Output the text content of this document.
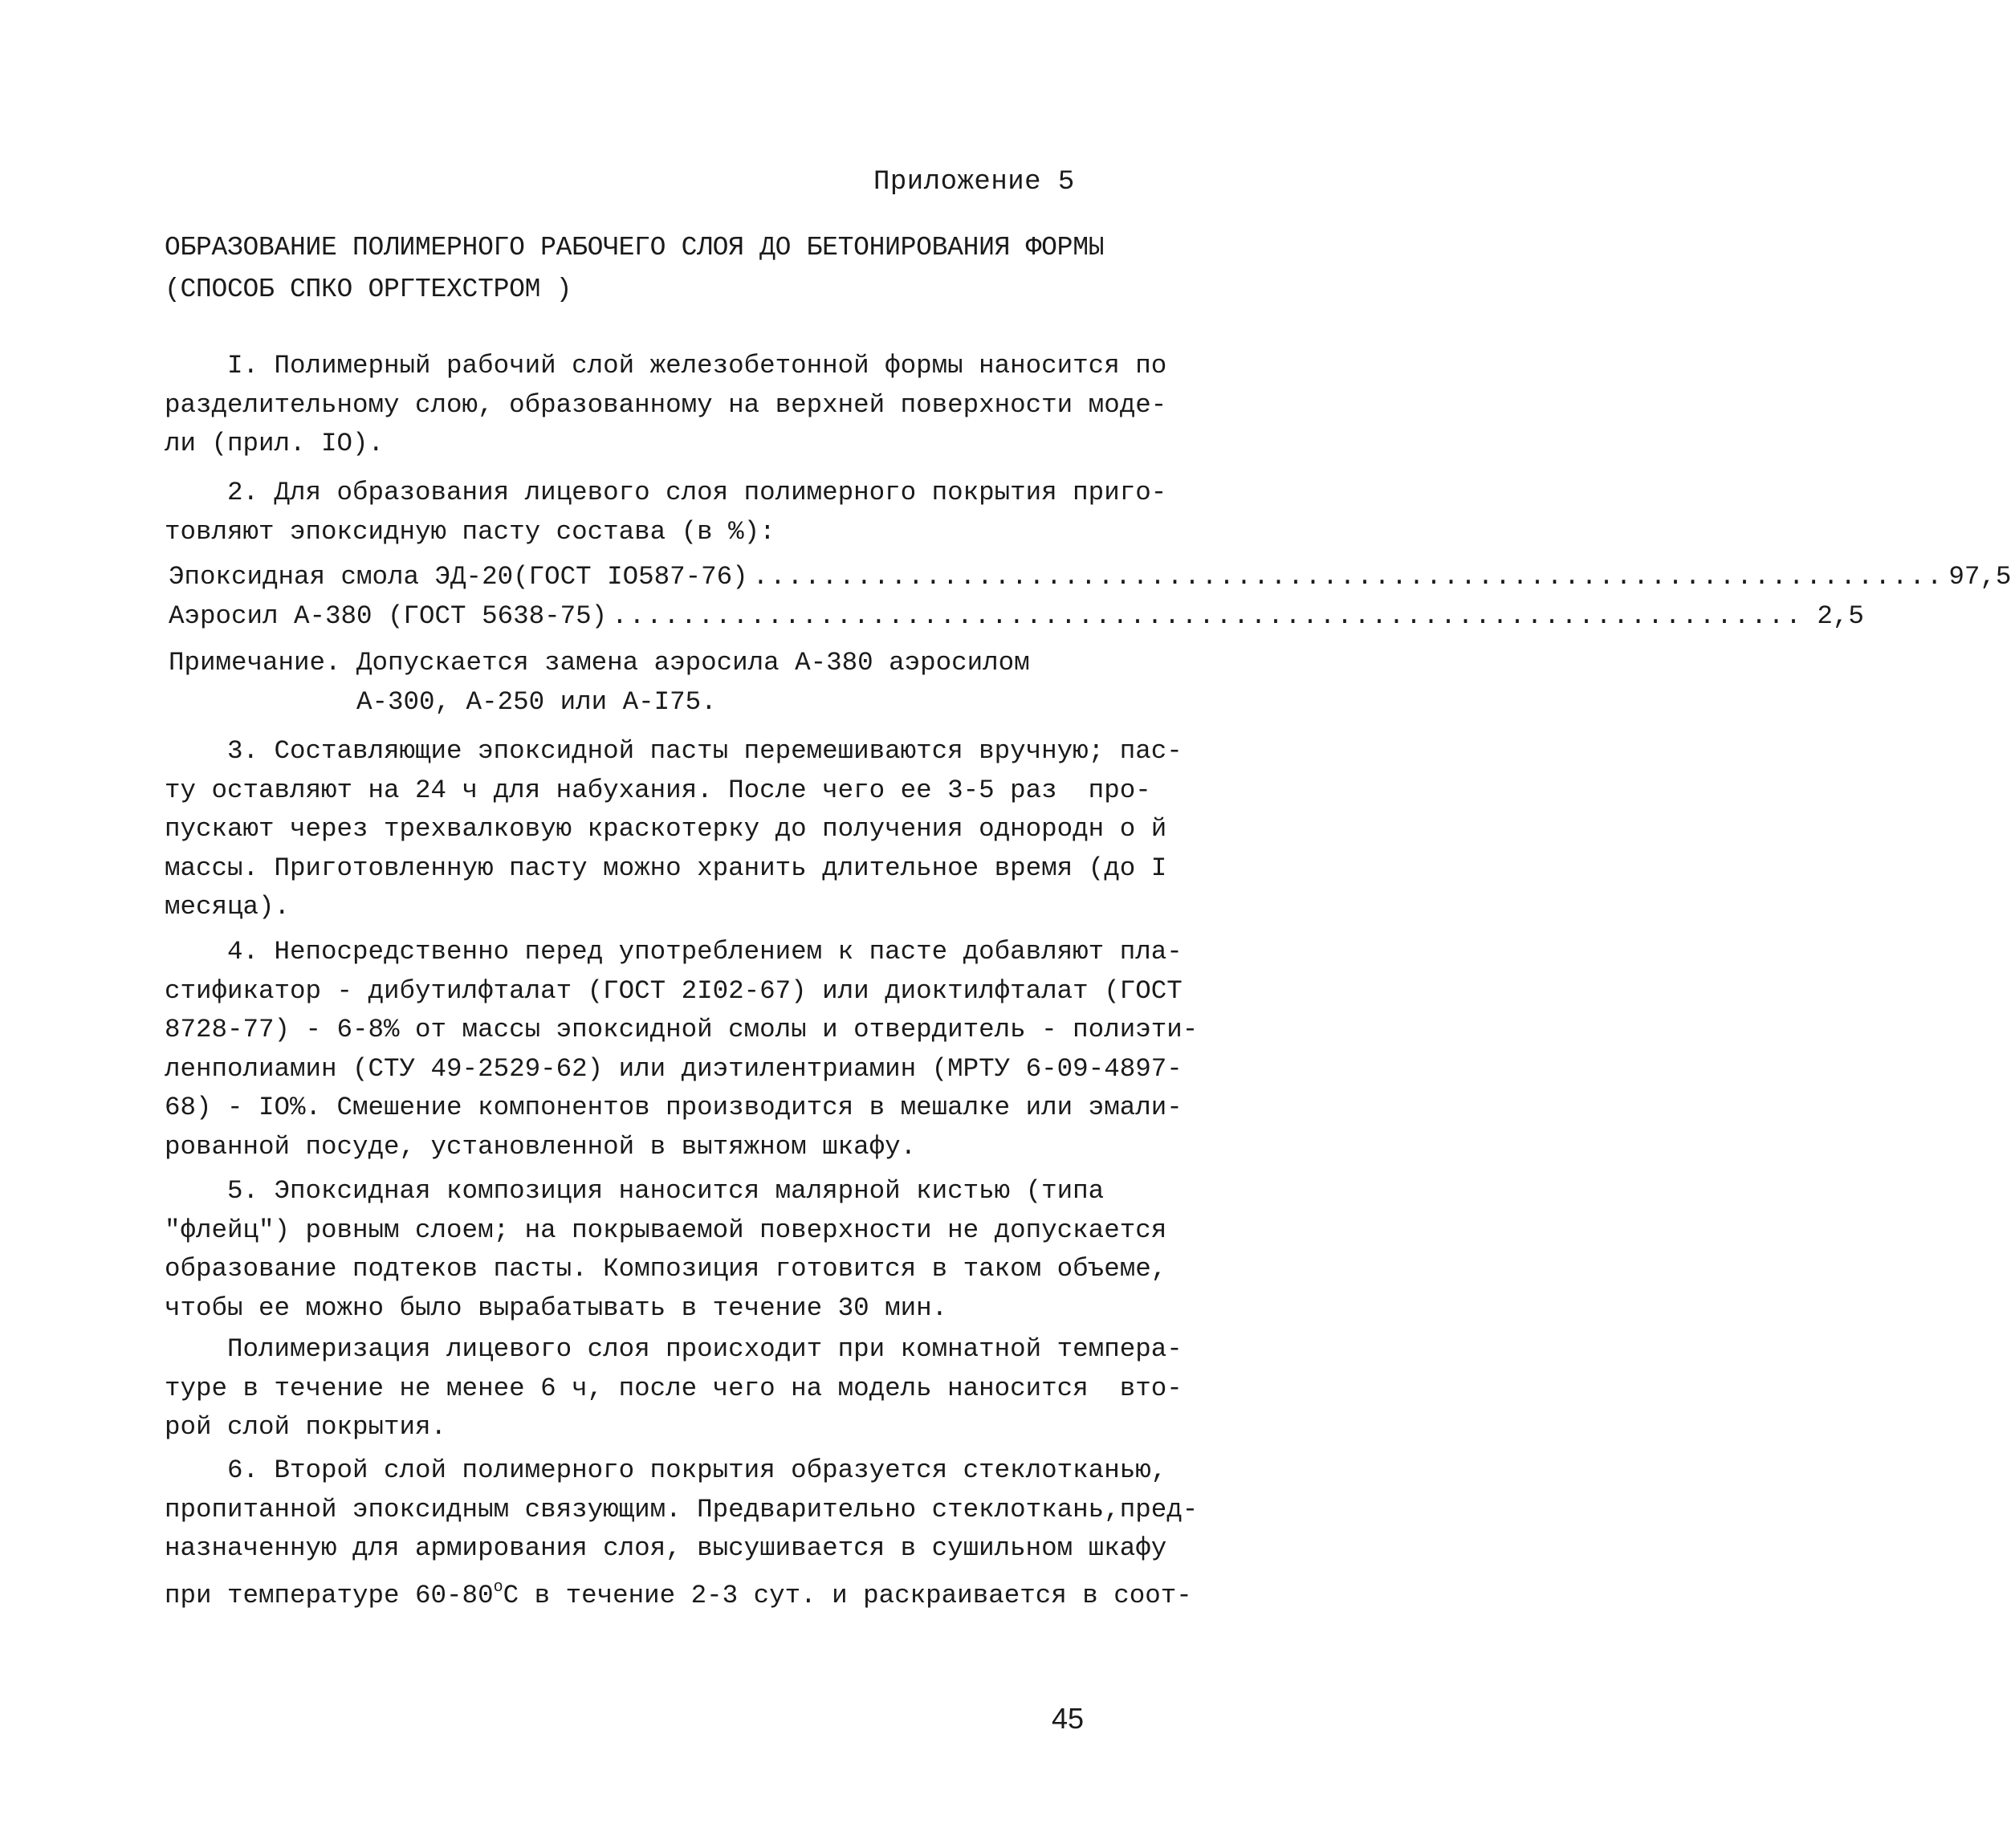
Приложение 5
ОБРАЗОВАНИЕ ПОЛИМЕРНОГО РАБОЧЕГО СЛОЯ ДО БЕТОНИРОВАНИЯ ФОРМЫ
(СПОСОБ СПКО ОРГТЕХСТРОМ )
I. Полимерный рабочий слой железобетонной формы наносится по
разделительному слою, образованному на верхней поверхности моде-
ли (прил. IO).
2. Для образования лицевого слоя полимерного покрытия приго-
товляют эпоксидную пасту состава (в %):
Эпоксидная смола ЭД-20(ГОСТ IO587-76) ..................................................................... 97,5
Аэросил А-380 (ГОСТ 5638-75) ..................................................................... 2,5
Примечание. Допускается замена аэросила А-380 аэросилом
А-300, А-250 или А-I75.
3. Составляющие эпоксидной пасты перемешиваются вручную; пас-
ту оставляют на 24 ч для набухания. После чего ее 3-5 раз  про-
пускают через трехвалковую краскотерку до получения однородн о й
массы. Приготовленную пасту можно хранить длительное время (до I
месяца).
4. Непосредственно перед употреблением к пасте добавляют пла-
стификатор - дибутилфталат (ГОСТ 2I02-67) или диоктилфталат (ГОСТ
8728-77) - 6-8% от массы эпоксидной смолы и отвердитель - полиэти-
ленполиамин (СТУ 49-2529-62) или диэтилентриамин (МРТУ 6-09-4897-
68) - IO%. Смешение компонентов производится в мешалке или эмали-
рованной посуде, установленной в вытяжном шкафу.
5. Эпоксидная композиция наносится малярной кистью (типа
"флейц") ровным слоем; на покрываемой поверхности не допускается
образование подтеков пасты. Композиция готовится в таком объеме,
чтобы ее можно было вырабатывать в течение 30 мин.
Полимеризация лицевого слоя происходит при комнатной темпера-
туре в течение не менее 6 ч, после чего на модель наносится  вто-
рой слой покрытия.
6. Второй слой полимерного покрытия образуется стеклотканью,
пропитанной эпоксидным связующим. Предварительно стеклоткань,пред-
назначенную для армирования слоя, высушивается в сушильном шкафу
при температуре $60-80^оС$ в течение 2-3 сут. и раскраивается в соот-
45
